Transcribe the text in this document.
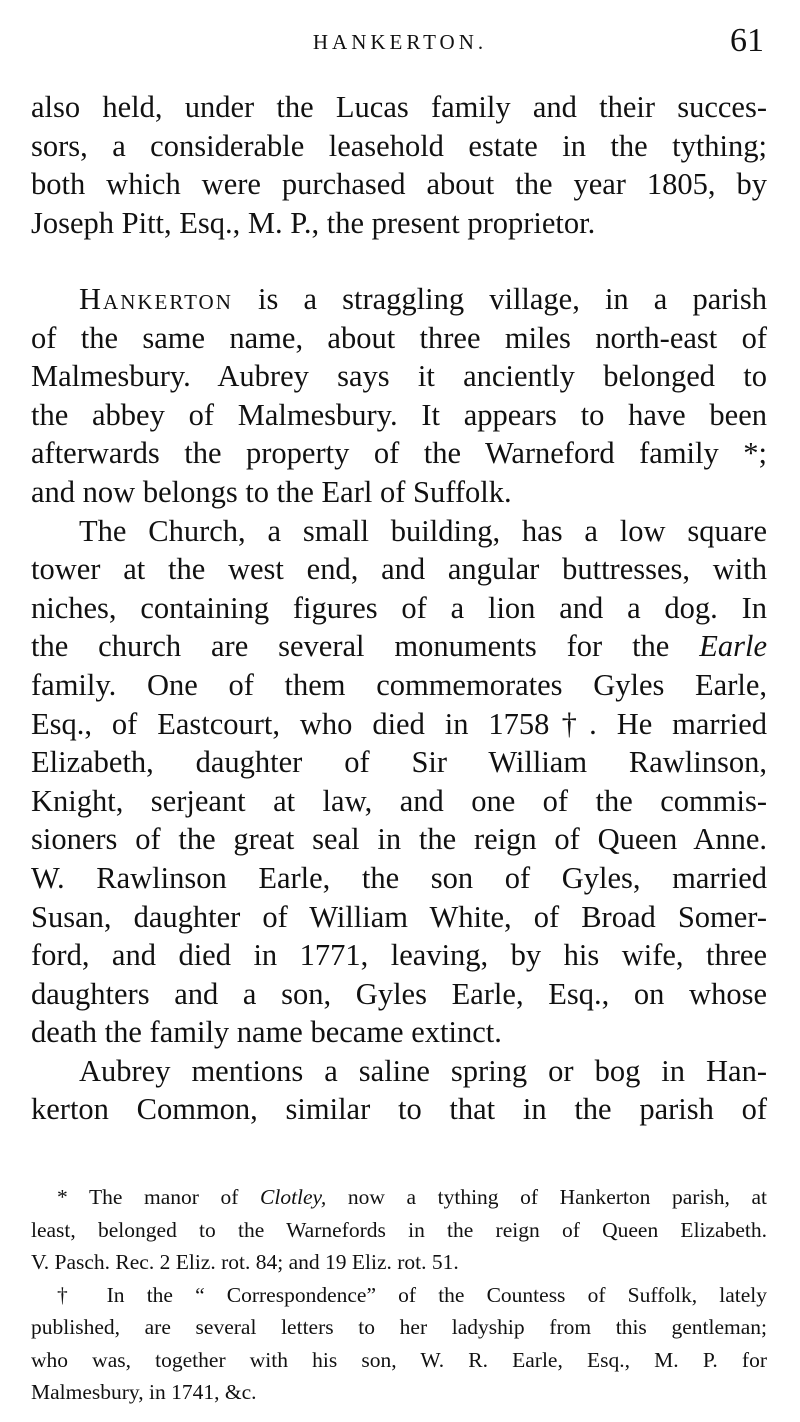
HANKERTON.	61

also held, under the Lucas family and their succes-
sors, a considerable leasehold estate in the tything;
both which were purchased about the year 1805, by
Joseph Pitt, Esq., M. P., the present proprietor.

Hankerton is a straggling village, in a parish
of the same name, about three miles north-east of
Malmesbury. Aubrey says it anciently belonged to
the abbey of Malmesbury. It appears to have been
afterwards the property of the Warneford family *;
and now belongs to the Earl of Suffolk.

The Church, a small building, has a low square
tower at the west end, and angular buttresses, with
niches, containing figures of a lion and a dog. In
the church are several monuments for the Earle
family. One of them commemorates Gyles Earle,
Esq., of Eastcourt, who died in 1758†. He married
Elizabeth, daughter of Sir William Rawlinson,
Knight, serjeant at law, and one of the commis-
sioners of the great seal in the reign of Queen Anne.
W. Rawlinson Earle, the son of Gyles, married
Susan, daughter of William White, of Broad Somer-
ford, and died in 1771, leaving, by his wife, three
daughters and a son, Gyles Earle, Esq., on whose
death the family name became extinct.

Aubrey mentions a saline spring or bog in Han-
kerton Common, similar to that in the parish of

* The manor of Clotley, now a tything of Hankerton parish, at
least, belonged to the Warnefords in the reign of Queen Elizabeth.
V. Pasch. Rec. 2 Eliz. rot. 84; and 19 Eliz. rot. 51.
† In the “ Correspondence” of the Countess of Suffolk, lately
published, are several letters to her ladyship from this gentleman;
who was, together with his son, W. R. Earle, Esq., M. P. for
Malmesbury, in 1741, &c.
